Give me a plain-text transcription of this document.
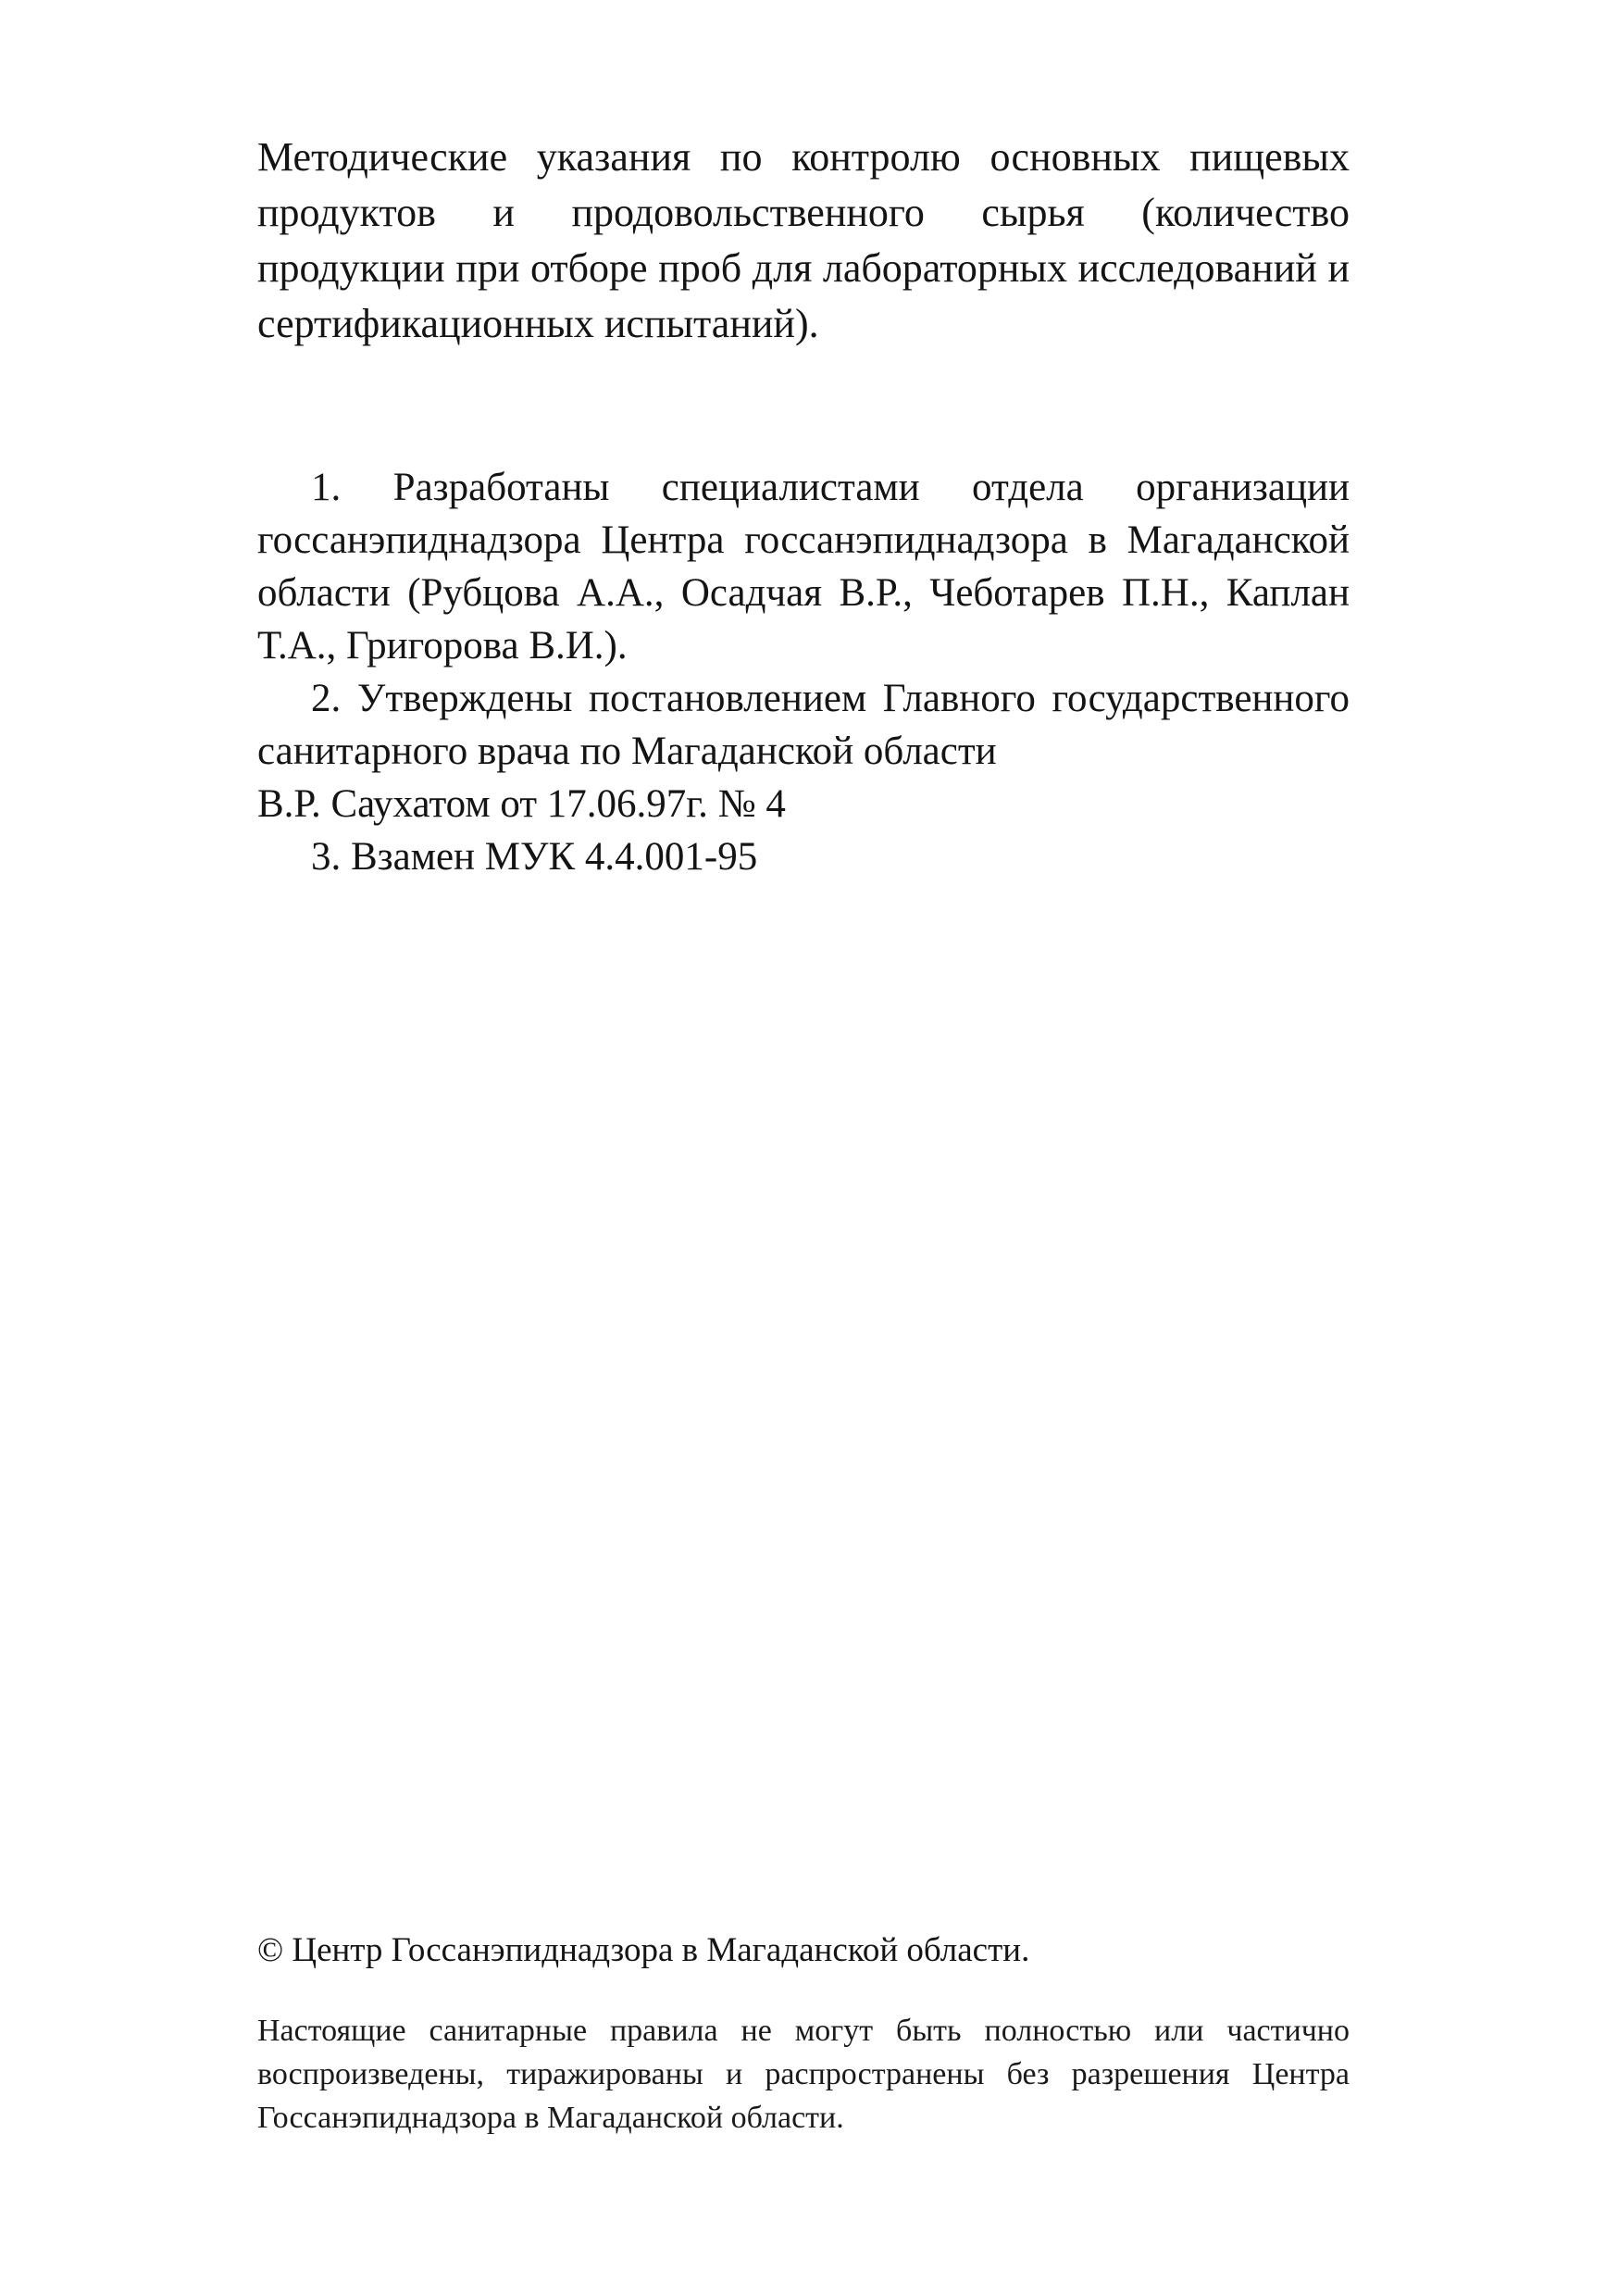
Методические указания по контролю основных пищевых продуктов и продовольственного сырья (количество продукции при отборе проб для лабораторных исследований и сертификационных испытаний).

1. Разработаны специалистами отдела организации госсанэпиднадзора Центра госсанэпиднадзора в Магаданской области (Рубцова А.А., Осадчая В.Р., Чеботарев П.Н., Каплан Т.А., Григорова В.И.).

2. Утверждены постановлением Главного государственного санитарного врача по Магаданской области

В.Р. Саухатом от 17.06.97г. № 4

3. Взамен МУК 4.4.001-95

© Центр Госсанэпиднадзора в Магаданской области.

Настоящие санитарные правила не могут быть полностью или частично воспроизведены, тиражированы и распространены без разрешения Центра Госсанэпиднадзора в Магаданской области.
